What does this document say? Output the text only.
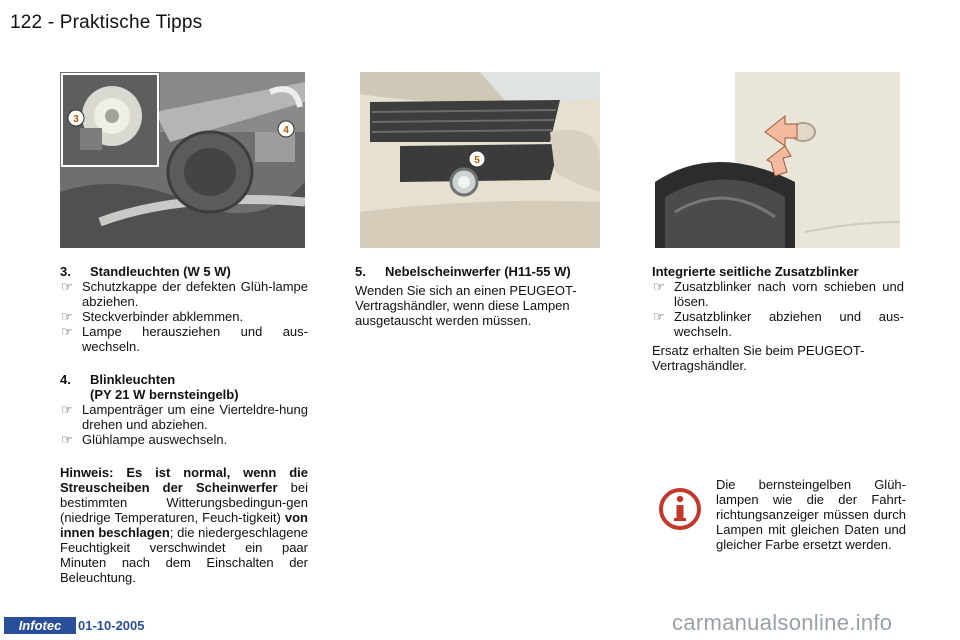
122 - Praktische Tipps
3
4
5

3. Standleuchten (W 5 W)

☞ Schutzkappe der defekten Glüh-lampe abziehen.

☞ Steckverbinder abklemmen.

☞ Lampe herausziehen und aus-wechseln.

4. Blinkleuchten
(PY 21 W bernsteingelb)

☞ Lampenträger um eine Vierteldre-hung drehen und abziehen.

☞ Glühlampe auswechseln.

Hinweis: Es ist normal, wenn die Streuscheiben der Scheinwerfer bei bestimmten Witterungsbedingun-gen (niedrige Temperaturen, Feuch-tigkeit) von innen beschlagen; die niedergeschlagene Feuchtigkeit verschwindet ein paar Minuten nach dem Einschalten der Beleuchtung.

5. Nebelscheinwerfer (H11-55 W)

Wenden Sie sich an einen PEUGEOT-Vertragshändler, wenn diese Lampen ausgetauscht werden müssen.

Integrierte seitliche Zusatzblinker

☞ Zusatzblinker nach vorn schieben und lösen.

☞ Zusatzblinker abziehen und aus-wechseln.

Ersatz erhalten Sie beim PEUGEOT-Vertragshändler.

Die bernsteingelben Glüh-lampen wie die der Fahrt-richtungsanzeiger müssen durch Lampen mit gleichen Daten und gleicher Farbe ersetzt werden.
Infotec	01-10-2005	carmanualsonline.info
